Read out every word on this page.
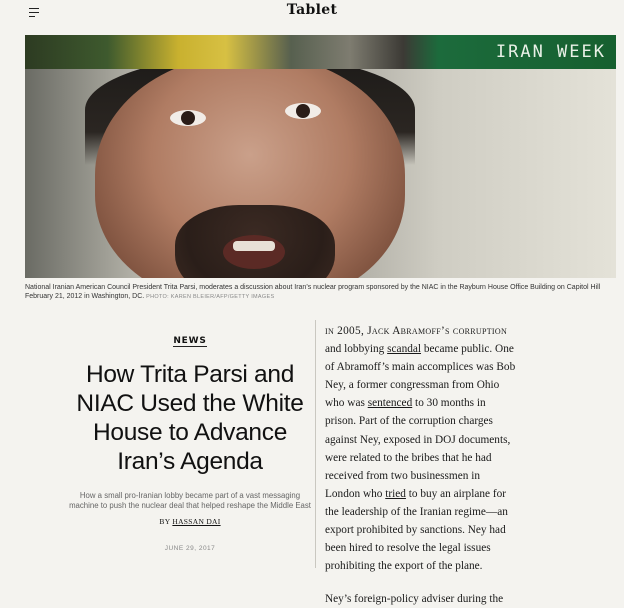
Tablet
IRAN WEEK
National Iranian American Council President Trita Parsi, moderates a discussion about Iran’s nuclear program sponsored by the NIAC in the Rayburn House Office Building on Capitol Hill February 21, 2012 in Washington, DC. PHOTO: KAREN BLEIER/AFP/GETTY IMAGES
NEWS
How Trita Parsi and NIAC Used the White House to Advance Iran’s Agenda
How a small pro-Iranian lobby became part of a vast messaging machine to push the nuclear deal that helped reshape the Middle East
BY HASSAN DAI
JUNE 29, 2017

in 2005, Jack Abramoff’s corruption and lobbying scandal became public. One of Abramoff’s main accomplices was Bob Ney, a former congressman from Ohio who was sentenced to 30 months in prison. Part of the corruption charges against Ney, exposed in DOJ documents, were related to the bribes that he had received from two businessmen in London who tried to buy an airplane for the leadership of the Iranian regime—an export prohibited by sanctions. Ney had been hired to resolve the legal issues prohibiting the export of the plane.

Ney’s foreign-policy adviser during the
